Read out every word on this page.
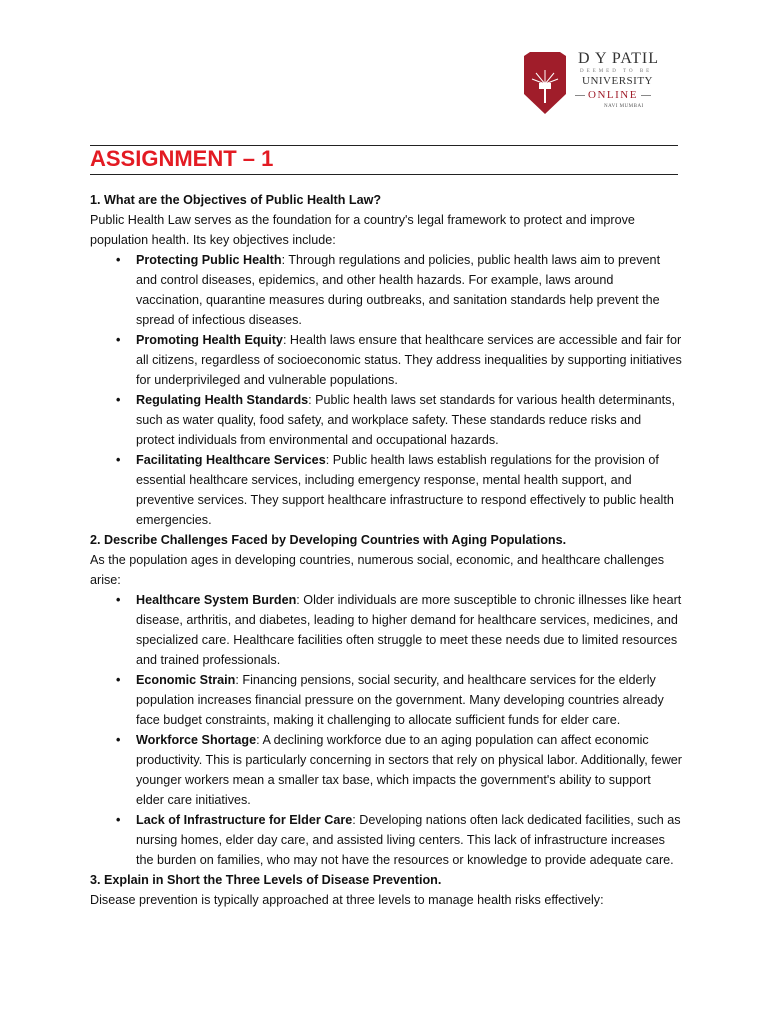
D Y PATIL
DEEMED TO BE
UNIVERSITY
ONLINE
NAVI MUMBAI
ASSIGNMENT – 1

1. What are the Objectives of Public Health Law?

Public Health Law serves as the foundation for a country's legal framework to protect and improve population health. Its key objectives include:

• Protecting Public Health: Through regulations and policies, public health laws aim to prevent and control diseases, epidemics, and other health hazards. For example, laws around vaccination, quarantine measures during outbreaks, and sanitation standards help prevent the spread of infectious diseases.
• Promoting Health Equity: Health laws ensure that healthcare services are accessible and fair for all citizens, regardless of socioeconomic status. They address inequalities by supporting initiatives for underprivileged and vulnerable populations.
• Regulating Health Standards: Public health laws set standards for various health determinants, such as water quality, food safety, and workplace safety. These standards reduce risks and protect individuals from environmental and occupational hazards.
• Facilitating Healthcare Services: Public health laws establish regulations for the provision of essential healthcare services, including emergency response, mental health support, and preventive services. They support healthcare infrastructure to respond effectively to public health emergencies.

2. Describe Challenges Faced by Developing Countries with Aging Populations.

As the population ages in developing countries, numerous social, economic, and healthcare challenges arise:

• Healthcare System Burden: Older individuals are more susceptible to chronic illnesses like heart disease, arthritis, and diabetes, leading to higher demand for healthcare services, medicines, and specialized care. Healthcare facilities often struggle to meet these needs due to limited resources and trained professionals.
• Economic Strain: Financing pensions, social security, and healthcare services for the elderly population increases financial pressure on the government. Many developing countries already face budget constraints, making it challenging to allocate sufficient funds for elder care.
• Workforce Shortage: A declining workforce due to an aging population can affect economic productivity. This is particularly concerning in sectors that rely on physical labor. Additionally, fewer younger workers mean a smaller tax base, which impacts the government's ability to support elder care initiatives.
• Lack of Infrastructure for Elder Care: Developing nations often lack dedicated facilities, such as nursing homes, elder day care, and assisted living centers. This lack of infrastructure increases the burden on families, who may not have the resources or knowledge to provide adequate care.

3. Explain in Short the Three Levels of Disease Prevention.

Disease prevention is typically approached at three levels to manage health risks effectively:
